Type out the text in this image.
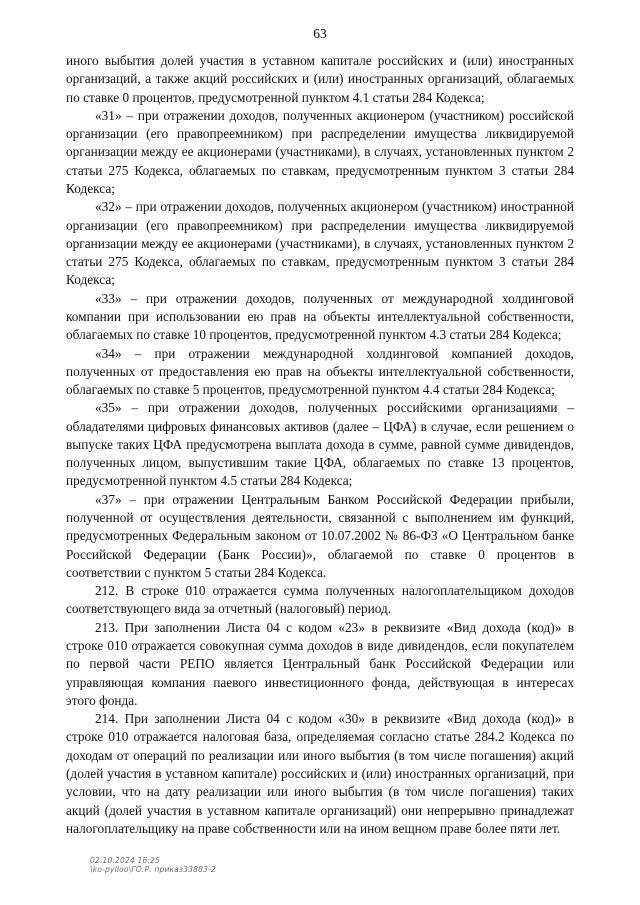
63

иного выбытия долей участия в уставном капитале российских и (или) иностранных организаций, а также акций российских и (или) иностранных организаций, облагаемых по ставке 0 процентов, предусмотренной пунктом 4.1 статьи 284 Кодекса;

«31» – при отражении доходов, полученных акционером (участником) российской организации (его правопреемником) при распределении имущества ликвидируемой организации между ее акционерами (участниками), в случаях, установленных пунктом 2 статьи 275 Кодекса, облагаемых по ставкам, предусмотренным пунктом 3 статьи 284 Кодекса;

«32» – при отражении доходов, полученных акционером (участником) иностранной организации (его правопреемником) при распределении имущества ликвидируемой организации между ее акционерами (участниками), в случаях, установленных пунктом 2 статьи 275 Кодекса, облагаемых по ставкам, предусмотренным пунктом 3 статьи 284 Кодекса;

«33» – при отражении доходов, полученных от международной холдинговой компании при использовании ею прав на объекты интеллектуальной собственности, облагаемых по ставке 10 процентов, предусмотренной пунктом 4.3 статьи 284 Кодекса;

«34» – при отражении международной холдинговой компанией доходов, полученных от предоставления ею прав на объекты интеллектуальной собственности, облагаемых по ставке 5 процентов, предусмотренной пунктом 4.4 статьи 284 Кодекса;

«35» – при отражении доходов, полученных российскими организациями – обладателями цифровых финансовых активов (далее – ЦФА) в случае, если решением о выпуске таких ЦФА предусмотрена выплата дохода в сумме, равной сумме дивидендов, полученных лицом, выпустившим такие ЦФА, облагаемых по ставке 13 процентов, предусмотренной пунктом 4.5 статьи 284 Кодекса;

«37» – при отражении Центральным Банком Российской Федерации прибыли, полученной от осуществления деятельности, связанной с выполнением им функций, предусмотренных Федеральным законом от 10.07.2002 № 86-ФЗ «О Центральном банке Российской Федерации (Банк России)», облагаемой по ставке 0 процентов в соответствии с пунктом 5 статьи 284 Кодекса.

212. В строке 010 отражается сумма полученных налогоплательщиком доходов соответствующего вида за отчетный (налоговый) период.

213. При заполнении Листа 04 с кодом «23» в реквизите «Вид дохода (код)» в строке 010 отражается совокупная сумма доходов в виде дивидендов, если покупателем по первой части РЕПО является Центральный банк Российской Федерации или управляющая компания паевого инвестиционного фонда, действующая в интересах этого фонда.

214. При заполнении Листа 04 с кодом «30» в реквизите «Вид дохода (код)» в строке 010 отражается налоговая база, определяемая согласно статье 284.2 Кодекса по доходам от операций по реализации или иного выбытия (в том числе погашения) акций (долей участия в уставном капитале) российских и (или) иностранных организаций, при условии, что на дату реализации или иного выбытия (в том числе погашения) таких акций (долей участия в уставном капитале организаций) они непрерывно принадлежат налогоплательщику на праве собственности или на ином вещном праве более пяти лет.

02.10.2024 16:25
\ko-pylloo\ГО.Р. приказ33883-2
